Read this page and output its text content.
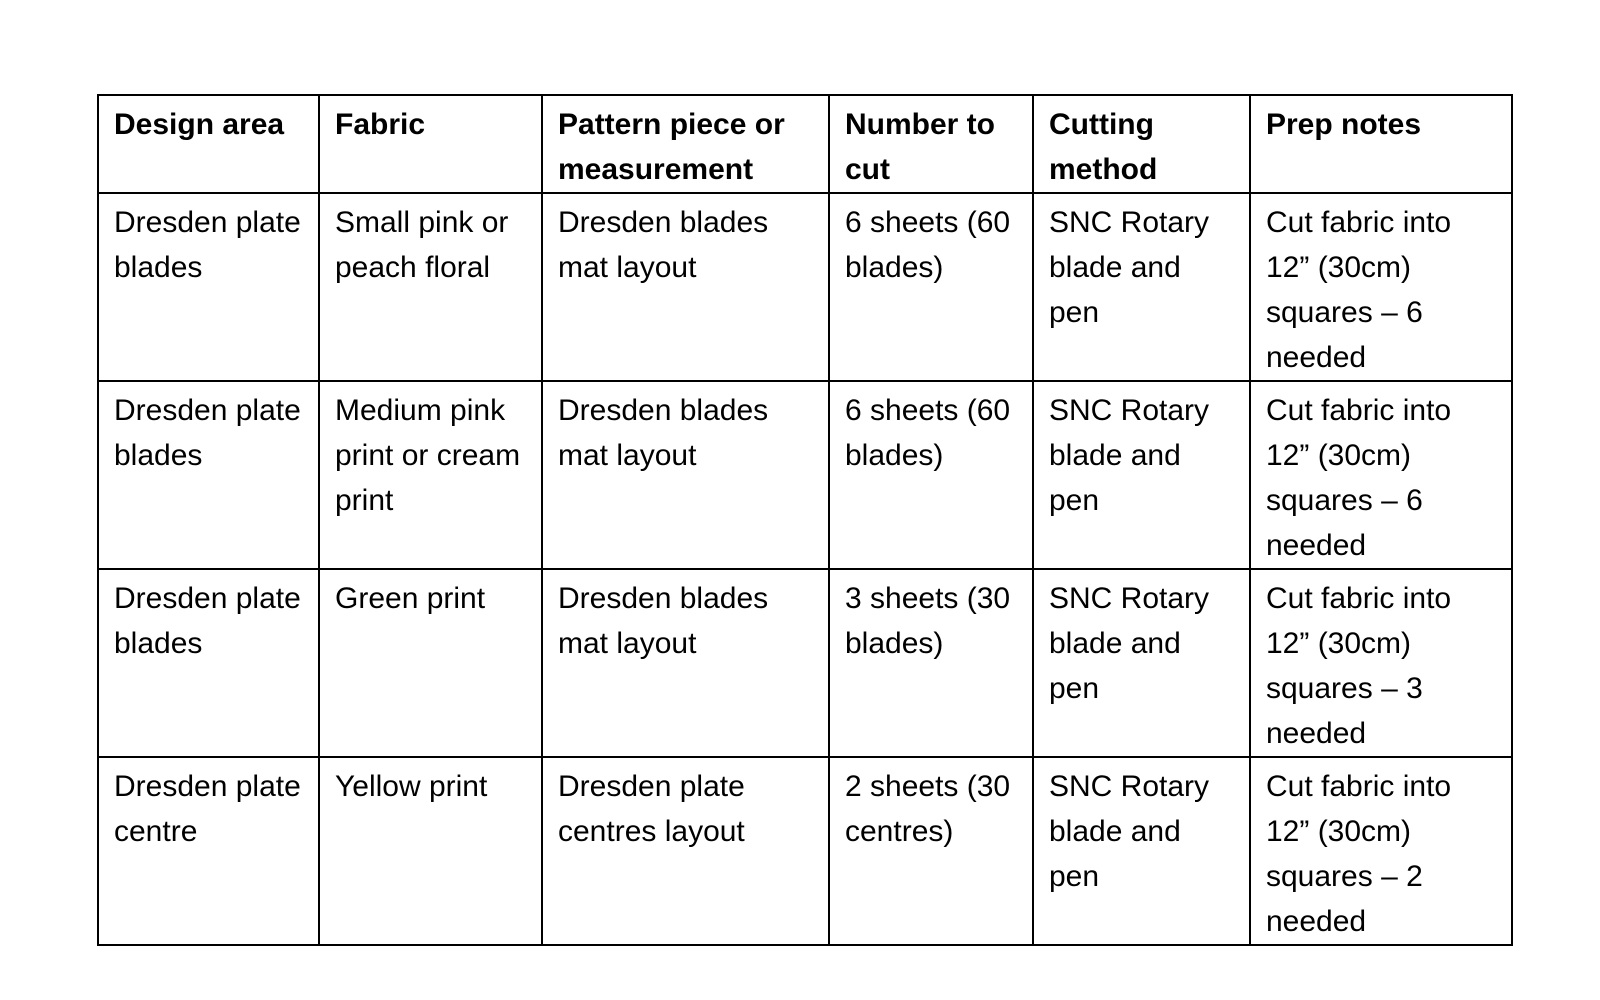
Design area	Fabric	Pattern piece or measurement	Number to cut	Cutting method	Prep notes
Dresden plate blades	Small pink or peach floral	Dresden blades mat layout	6 sheets (60 blades)	SNC Rotary blade and pen	Cut fabric into 12” (30cm) squares – 6 needed
Dresden plate blades	Medium pink print or cream print	Dresden blades mat layout	6 sheets (60 blades)	SNC Rotary blade and pen	Cut fabric into 12” (30cm) squares – 6 needed
Dresden plate blades	Green print	Dresden blades mat layout	3 sheets (30 blades)	SNC Rotary blade and pen	Cut fabric into 12” (30cm) squares – 3 needed
Dresden plate centre	Yellow print	Dresden plate centres layout	2 sheets (30 centres)	SNC Rotary blade and pen	Cut fabric into 12” (30cm) squares – 2 needed
